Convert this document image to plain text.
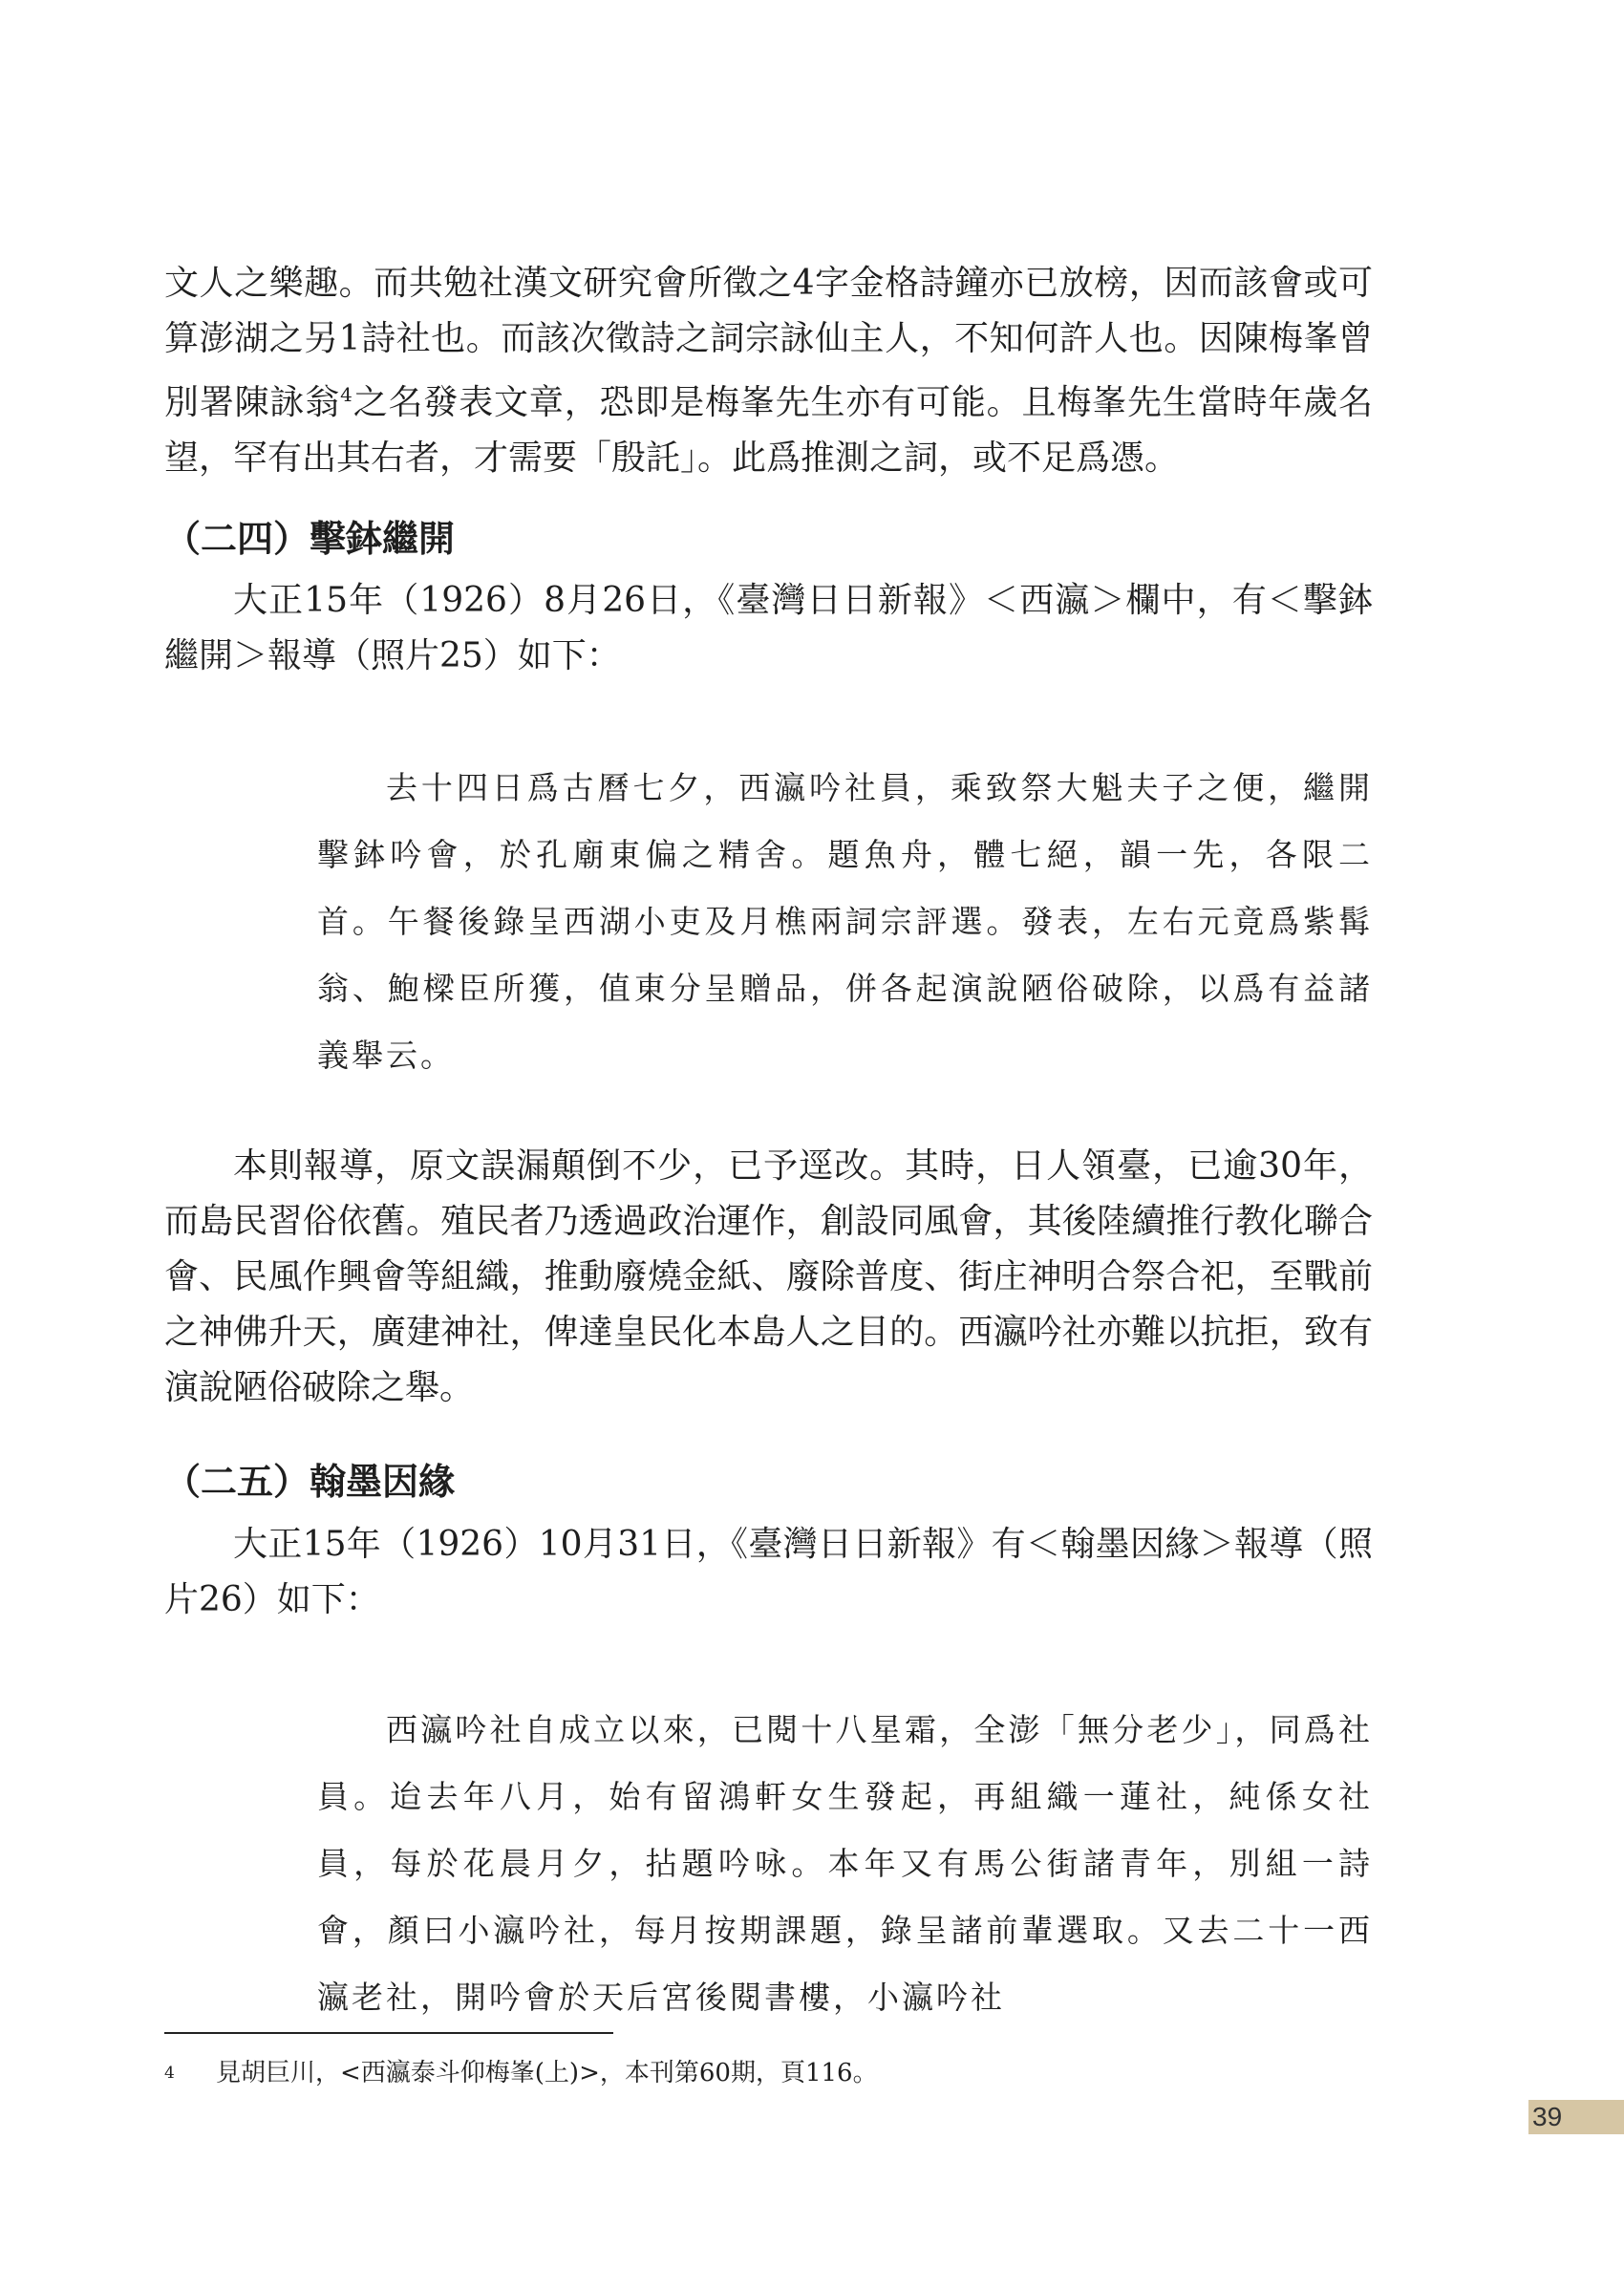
文人之樂趣。而共勉社漢文研究會所徵之4字金格詩鐘亦已放榜，因而該會或可算澎湖之另1詩社也。而該次徵詩之詞宗詠仙主人，不知何許人也。因陳梅峯曾別署陳詠翁$^4$之名發表文章，恐即是梅峯先生亦有可能。且梅峯先生當時年歲名望，罕有出其右者，才需要「殷託」。此爲推測之詞，或不足爲憑。

（二四）擊鉢繼開

大正15年（1926）8月26日，《臺灣日日新報》＜西瀛＞欄中，有＜擊鉢繼開＞報導（照片25）如下：

去十四日爲古曆七夕，西瀛吟社員，乘致祭大魁夫子之便，繼開擊鉢吟會，於孔廟東偏之精舍。題魚舟，體七絕，韻一先，各限二首。午餐後錄呈西湖小吏及月樵兩詞宗評選。發表，左右元竟爲紫髯翁、鮑樑臣所獲，值東分呈贈品，併各起演說陋俗破除，以爲有益諸義舉云。

本則報導，原文誤漏顛倒不少，已予逕改。其時，日人領臺，已逾30年，而島民習俗依舊。殖民者乃透過政治運作，創設同風會，其後陸續推行教化聯合會、民風作興會等組織，推動廢燒金紙、廢除普度、街庄神明合祭合祀，至戰前之神佛升天，廣建神社，俾達皇民化本島人之目的。西瀛吟社亦難以抗拒，致有演說陋俗破除之舉。

（二五）翰墨因緣

大正15年（1926）10月31日，《臺灣日日新報》有＜翰墨因緣＞報導（照片26）如下：

西瀛吟社自成立以來，已閱十八星霜，全澎「無分老少」，同爲社員。迨去年八月，始有留鴻軒女生發起，再組織一蓮社，純係女社員，每於花晨月夕，拈題吟咏。本年又有馬公街諸青年，別組一詩會，顏曰小瀛吟社，每月按期課題，錄呈諸前輩選取。又去二十一西瀛老社，開吟會於天后宮後閱書樓，小瀛吟社

4 見胡巨川，<西瀛泰斗仰梅峯(上)>，本刊第60期，頁116。

39
